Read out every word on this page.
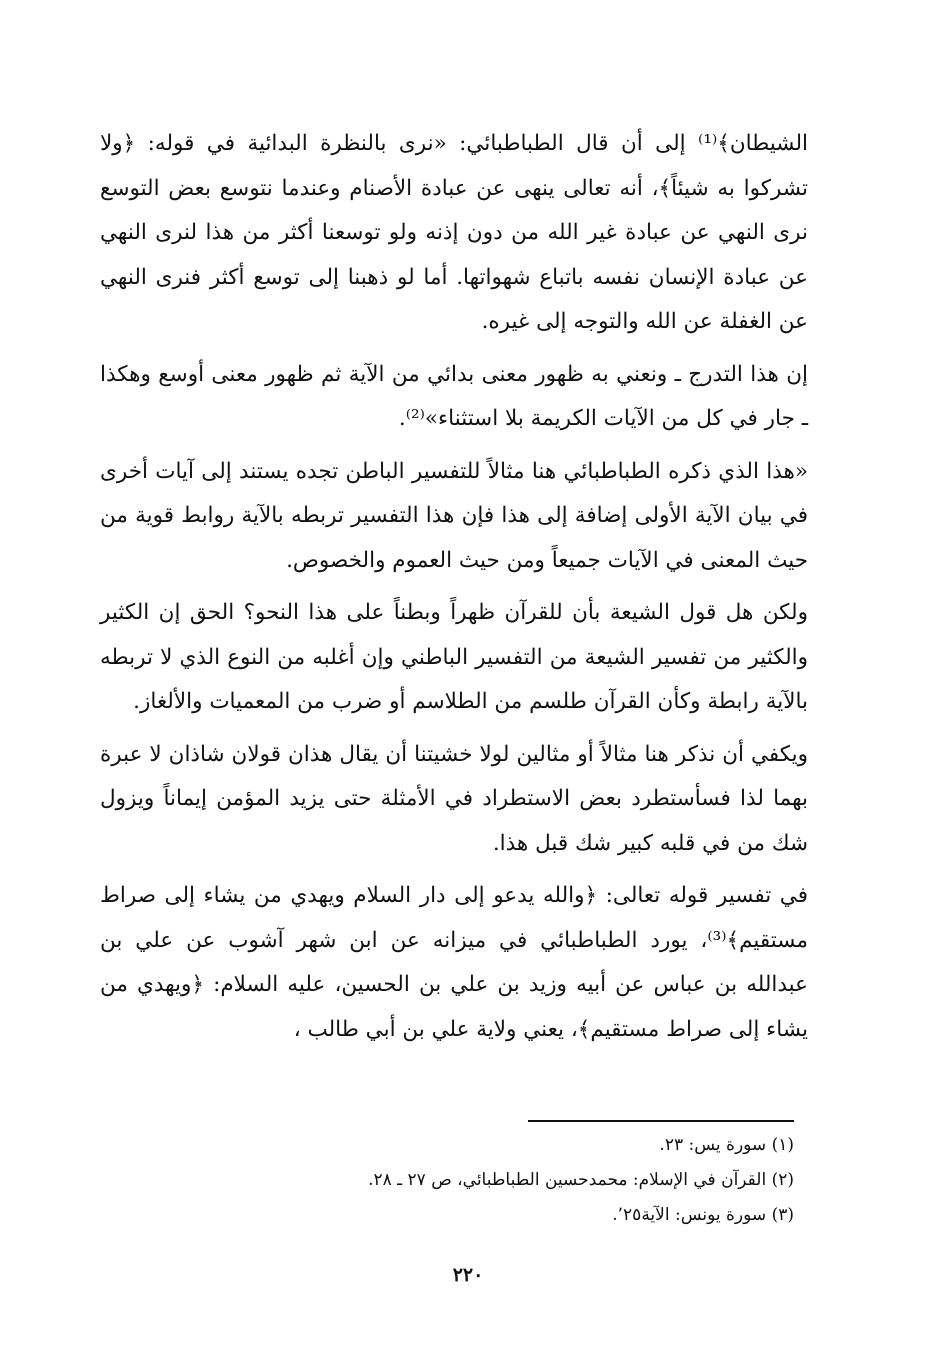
الشيطان﴾⁽¹⁾ إلى أن قال الطباطبائي: «نرى بالنظرة البدائية في قوله: ﴿ولا تشركوا به شيئاً﴾، أنه تعالى ينهى عن عبادة الأصنام وعندما نتوسع بعض التوسع نرى النهي عن عبادة غير الله من دون إذنه ولو توسعنا أكثر من هذا لنرى النهي عن عبادة الإنسان نفسه باتباع شهواتها. أما لو ذهبنا إلى توسع أكثر فنرى النهي عن الغفلة عن الله والتوجه إلى غيره.

إن هذا التدرج ـ ونعني به ظهور معنى بدائي من الآية ثم ظهور معنى أوسع وهكذا ـ جار في كل من الآيات الكريمة بلا استثناء»⁽²⁾.

«هذا الذي ذكره الطباطبائي هنا مثالاً للتفسير الباطن تجده يستند إلى آيات أخرى في بيان الآية الأولى إضافة إلى هذا فإن هذا التفسير تربطه بالآية روابط قوية من حيث المعنى في الآيات جميعاً ومن حيث العموم والخصوص.

ولكن هل قول الشيعة بأن للقرآن ظهراً وبطناً على هذا النحو؟ الحق إن الكثير والكثير من تفسير الشيعة من التفسير الباطني وإن أغلبه من النوع الذي لا تربطه بالآية رابطة وكأن القرآن طلسم من الطلاسم أو ضرب من المعميات والألغاز.

ويكفي أن نذكر هنا مثالاً أو مثالين لولا خشيتنا أن يقال هذان قولان شاذان لا عبرة بهما لذا فسأستطرد بعض الاستطراد في الأمثلة حتى يزيد المؤمن إيماناً ويزول شك من في قلبه كبير شك قبل هذا.

في تفسير قوله تعالى: ﴿والله يدعو إلى دار السلام ويهدي من يشاء إلى صراط مستقيم﴾⁽³⁾، يورد الطباطبائي في ميزانه عن ابن شهر آشوب عن علي بن عبدالله بن عباس عن أبيه وزيد بن علي بن الحسين، عليه السلام: ﴿ويهدي من يشاء إلى صراط مستقيم﴾، يعني ولاية علي بن أبي طالب ،

(١) سورة يس: ٢٣.
(٢) القرآن في الإسلام: محمدحسين الطباطبائي، ص ٢٧ ـ ٢٨.
(٣) سورة يونس: الآية٬٢٥.
٢٢٠
